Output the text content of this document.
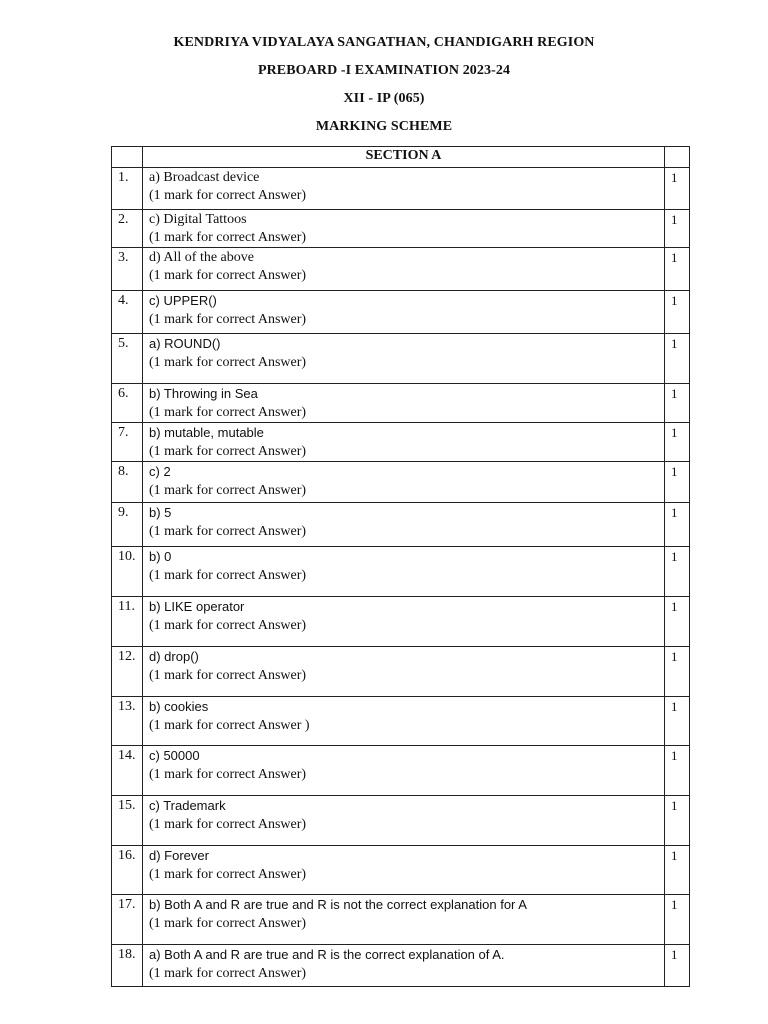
KENDRIYA VIDYALAYA SANGATHAN, CHANDIGARH REGION
PREBOARD -I EXAMINATION 2023-24
XII - IP (065)
MARKING SCHEME
	SECTION A	
1.	a) Broadcast device
(1 mark for correct Answer)	1
2.	c) Digital Tattoos
(1 mark for correct Answer)	1
3.	d) All of the above
(1 mark for correct Answer)	1
4.	c) UPPER()
(1 mark for correct Answer)	1
5.	a) ROUND()
(1 mark for correct Answer)	1
6.	b) Throwing in Sea
(1 mark for correct Answer)	1
7.	b) mutable, mutable
(1 mark for correct Answer)	1
8.	c) 2
(1 mark for correct Answer)	1
9.	b) 5
(1 mark for correct Answer)	1
10.	b) 0
(1 mark for correct Answer)	1
11.	b) LIKE operator
(1 mark for correct Answer)	1
12.	d) drop()
(1 mark for correct Answer)	1
13.	b) cookies
(1 mark for correct Answer )	1
14.	c) 50000
(1 mark for correct Answer)	1
15.	c) Trademark
(1 mark for correct Answer)	1
16.	d) Forever
(1 mark for correct Answer)	1
17.	b) Both A and R are true and R is not the correct explanation for A
(1 mark for correct Answer)	1
18.	a) Both A and R are true and R is the correct explanation of A.
(1 mark for correct Answer)	1
